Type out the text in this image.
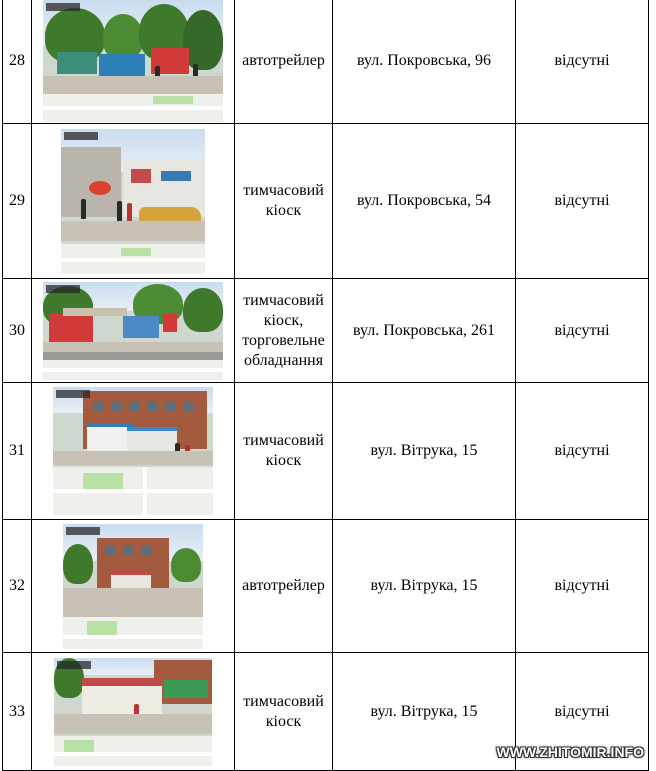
28		автотрейлер	вул. Покровська, 96	відсутні
29		тимчасовий кіоск	вул. Покровська, 54	відсутні
30		тимчасовий кіоск, торговельне обладнання	вул. Покровська, 261	відсутні
31		тимчасовий кіоск	вул. Вітрука, 15	відсутні
32		автотрейлер	вул. Вітрука, 15	відсутні
33		тимчасовий кіоск	вул. Вітрука, 15	відсутні
WWW.ZHITOMIR.INFO
